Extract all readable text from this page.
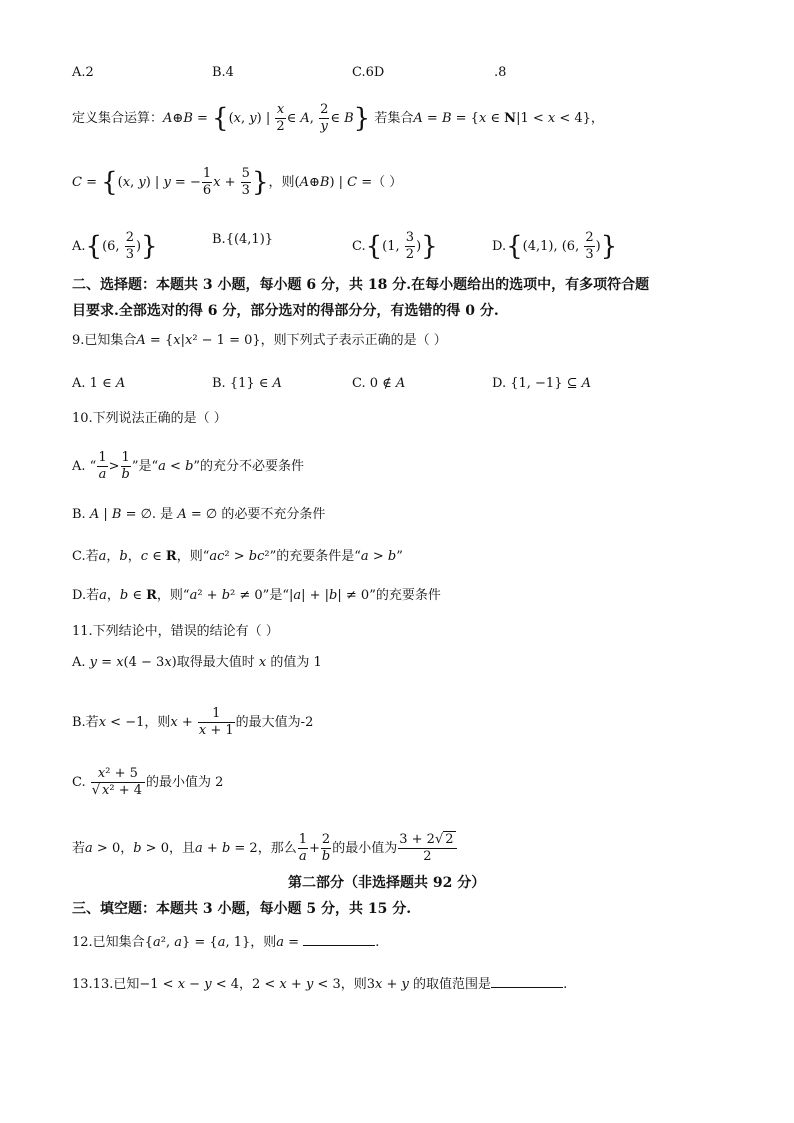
A.2	B.4	C.6D	.8
定义集合运算：A⊕B = {(x, y) | $\frac{x}{2}$ ∈ A, $\frac{2}{y}$ ∈ B} 若集合A = B = {x ∈ N|1 < x < 4}，
C = {(x, y) | y = − $\frac{1}{6}$ $x + \frac{5}{3}$ }，则(A⊕B) | C =（ ）
A.{(6, $\frac{2}{3}$ )}	B.{(4,1)}	C.{(1, $\frac{3}{2}$ )}	D.{(4,1), (6, $\frac{2}{3}$ )}
二、选择题：本题共 3 小题，每小题 6 分，共 18 分.在每小题给出的选项中，有多项符合题
目要求.全部选对的得 6 分，部分选对的得部分分，有选错的得 0 分.
9.已知集合A = {x|x² − 1 = 0}，则下列式子表示正确的是（ ）
A. 1 ∈ A	B. {1} ∈ A	C. 0 ∉ A	D. {1, −1} ⊆ A
10.下列说法正确的是（ ）
A. “ $\frac{1}{a} > \frac{1}{b}$ ”是“a < b”的充分不必要条件
B. A | B = ∅. 是 A = ∅ 的必要不充分条件
C.若a，b，c ∈ R，则“ac² > bc²”的充要条件是“a > b”
D.若a，b ∈ R，则“a² + b² ≠ 0”是“|a| + |b| ≠ 0”的充要条件
11.下列结论中，错误的结论有（ ）
A. y = x(4 − 3x)取得最大值时 x 的值为 1
B.若x < −1，则$x + \frac{1}{x + 1}$ 的最大值为-2
C. $\frac{\text{x² + 5}}{\text{√ x² + 4}}$ 的最小值为 2
若a > 0，b > 0，且a + b = 2，那么 $\frac{1}{a} + \frac{2}{b}$ 的最小值为 $\frac{3 + 2√ 2}{2}$
第二部分（非选择题共 92 分）
三、填空题：本题共 3 小题，每小题 5 分，共 15 分.
12.已知集合{a², a} = {a, 1}，则a =	.
13.13.已知−1 < x − y < 4，2 < x + y < 3，则3x + y 的取值范围是	.
